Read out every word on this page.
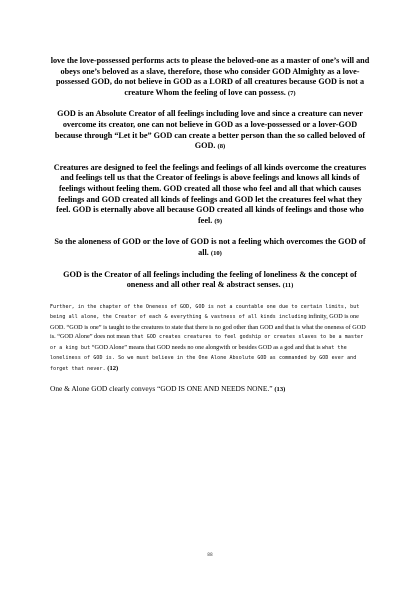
love the love-possessed performs acts to please the beloved-one as a master of one’s will and obeys one’s beloved as a slave, therefore, those who consider GOD Almighty as a love-possessed GOD, do not believe in GOD as a LORD of all creatures because GOD is not a creature Whom the feeling of love can possess. (7)

GOD is an Absolute Creator of all feelings including love and since a creature can never overcome its creator, one can not believe in GOD as a love-possessed or a lover-GOD because through “Let it be” GOD can create a better person than the so called beloved of GOD. (8)

Creatures are designed to feel the feelings and feelings of all kinds overcome the creatures and feelings tell us that the Creator of feelings is above feelings and knows all kinds of feelings without feeling them. GOD created all those who feel and all that which causes feelings and GOD created all kinds of feelings and GOD let the creatures feel what they feel. GOD is eternally above all because GOD created all kinds of feelings and those who feel. (9)

So the aloneness of GOD or the love of GOD is not a feeling which overcomes the GOD of all. (10)

GOD is the Creator of all feelings including the feeling of loneliness & the concept of oneness and all other real & abstract senses. (11)

Further, in the chapter of the Oneness of GOD, GOD is not a countable one due to certain limits, but being all alone, the Creator of each & everything & vastness of all kinds including infinity, GOD is one GOD. “GOD is one” is taught to the creatures to state that there is no god other than GOD and that is what the oneness of GOD is. “GOD Alone” does not mean that GOD creates creatures to feel godship or creates slaves to be a master or a king but “GOD Alone” means that GOD needs no one alongwith or besides GOD as a god and that is what the loneliness of GOD is. So we must believe in the One Alone Absolute GOD as commanded by GOD ever and forget that never. (12)

One & Alone GOD clearly conveys “GOD IS ONE AND NEEDS NONE.” (13)

88
